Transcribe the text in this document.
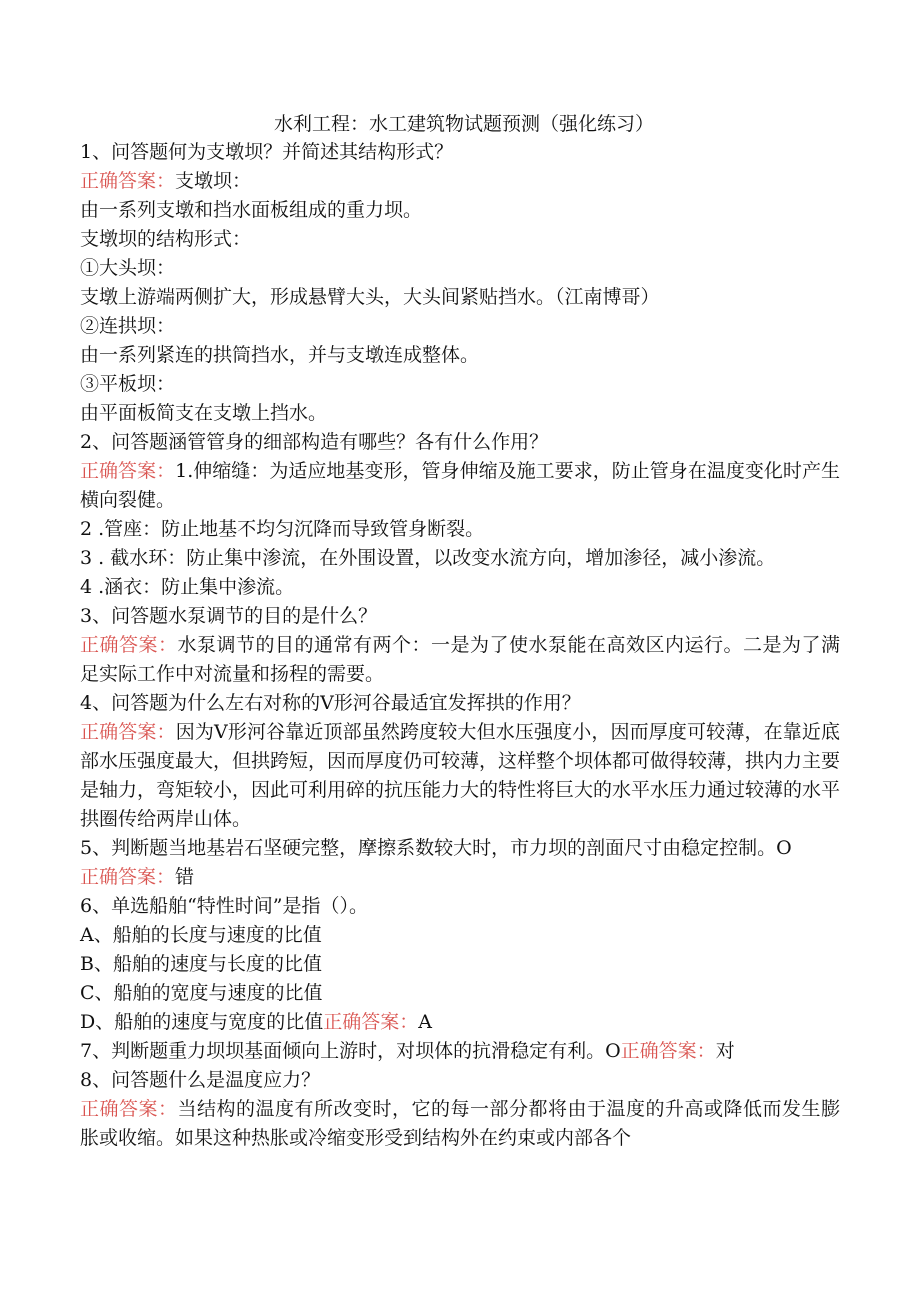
水利工程：水工建筑物试题预测（强化练习）
1、问答题何为支墩坝？并简述其结构形式？
正确答案：支墩坝：
由一系列支墩和挡水面板组成的重力坝。
支墩坝的结构形式：
①大头坝：
支墩上游端两侧扩大，形成悬臂大头，大头间紧贴挡水。（江南博哥）
②连拱坝：
由一系列紧连的拱筒挡水，并与支墩连成整体。
③平板坝：
由平面板简支在支墩上挡水。
2、问答题涵管管身的细部构造有哪些？各有什么作用？
正确答案：1.伸缩缝：为适应地基变形，管身伸缩及施工要求，防止管身在温度变化时产生横向裂健。
2 .管座：防止地基不均匀沉降而导致管身断裂。
3 . 截水环：防止集中渗流，在外围设置，以改变水流方向，增加渗径，减小渗流。
4 .涵衣：防止集中渗流。
3、问答题水泵调节的目的是什么？
正确答案：水泵调节的目的通常有两个：一是为了使水泵能在高效区内运行。二是为了满足实际工作中对流量和扬程的需要。
4、问答题为什么左右对称的V形河谷最适宜发挥拱的作用？
正确答案：因为V形河谷靠近顶部虽然跨度较大但水压强度小，因而厚度可较薄，在靠近底部水压强度最大，但拱跨短，因而厚度仍可较薄，这样整个坝体都可做得较薄，拱内力主要是轴力，弯矩较小，因此可利用碎的抗压能力大的特性将巨大的水平水压力通过较薄的水平拱圈传给两岸山体。
5、判断题当地基岩石坚硬完整，摩擦系数较大时，市力坝的剖面尺寸由稳定控制。O
正确答案：错
6、单选船舶“特性时间”是指（）。
A、船舶的长度与速度的比值
B、船舶的速度与长度的比值
C、船舶的宽度与速度的比值
D、船舶的速度与宽度的比值正确答案：A
7、判断题重力坝坝基面倾向上游时，对坝体的抗滑稳定有利。O正确答案：对
8、问答题什么是温度应力？
正确答案：当结构的温度有所改变时，它的每一部分都将由于温度的升高或降低而发生膨胀或收缩。如果这种热胀或冷缩变形受到结构外在约束或内部各个
